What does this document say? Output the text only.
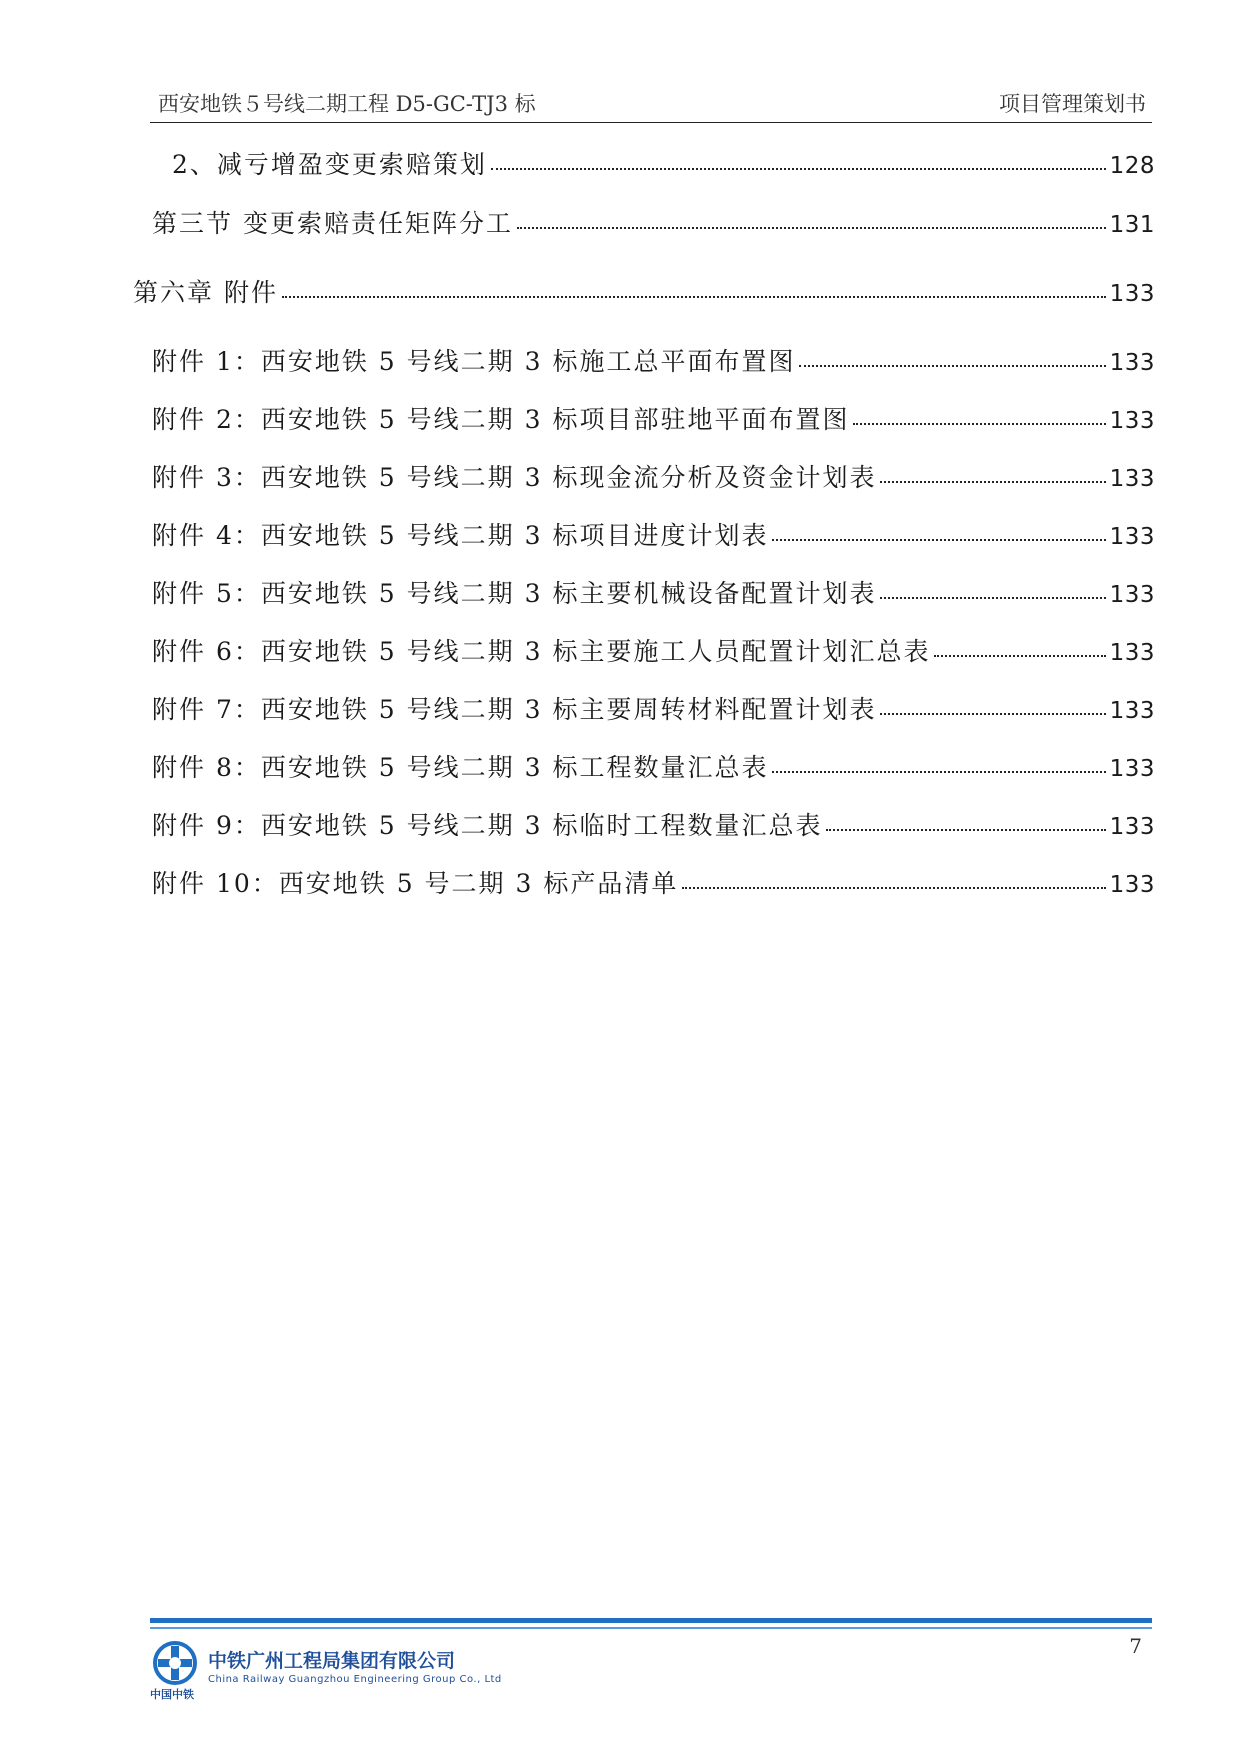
西安地铁５号线二期工程 D5-GC-TJ3 标	项目管理策划书
2、减亏增盈变更索赔策划	128
第三节 变更索赔责任矩阵分工	131
第六章 附件	133
附件 1：西安地铁 5 号线二期 3 标施工总平面布置图	133
附件 2：西安地铁 5 号线二期 3 标项目部驻地平面布置图	133
附件 3：西安地铁 5 号线二期 3 标现金流分析及资金计划表	133
附件 4：西安地铁 5 号线二期 3 标项目进度计划表	133
附件 5：西安地铁 5 号线二期 3 标主要机械设备配置计划表	133
附件 6：西安地铁 5 号线二期 3 标主要施工人员配置计划汇总表	133
附件 7：西安地铁 5 号线二期 3 标主要周转材料配置计划表	133
附件 8：西安地铁 5 号线二期 3 标工程数量汇总表	133
附件 9：西安地铁 5 号线二期 3 标临时工程数量汇总表	133
附件 10：西安地铁 5 号二期 3 标产品清单	133
中国中铁
中铁广州工程局集团有限公司
China Railway Guangzhou Engineering Group Co., Ltd
7
